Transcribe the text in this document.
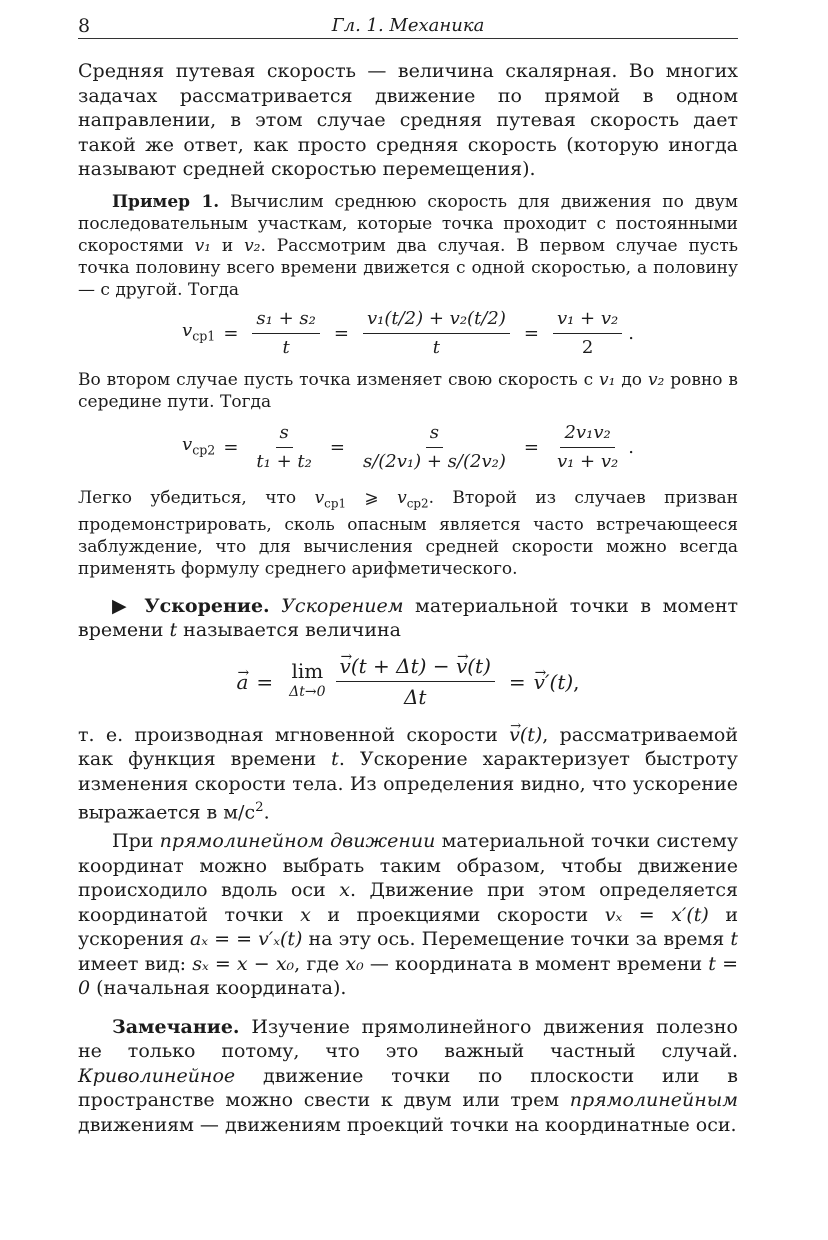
8	Гл. 1. Механика

Средняя путевая скорость — величина скалярная. Во многих задачах рассматривается движение по прямой в одном направлении, в этом случае средняя путевая скорость дает такой же ответ, как просто средняя скорость (которую иногда называют средней скоростью перемещения).

Пример 1. Вычислим среднюю скорость для движения по двум последовательным участкам, которые точка проходит с постоянными скоростями v₁ и v₂. Рассмотрим два случая. В первом случае пусть точка половину всего времени движется с одной скоростью, а половину — с другой. Тогда

$v_{ср1} = \frac{\text{s₁ + s₂}}{t} = \frac{\text{v₁(t/2) + v₂(t/2)}}{t} = \frac{\text{v₁ + v₂}}{2}$ .

Во втором случае пусть точка изменяет свою скорость с v₁ до v₂ ровно в середине пути. Тогда

$v_{ср2} = \frac{s}{\text{t₁ + t₂}} = \frac{s}{\text{s/(2v₁) + s/(2v₂)}} = \frac{\text{2v₁v₂}}{\text{v₁ + v₂}}$ .

Легко убедиться, что $v_{ср1}$ ⩾ $v_{ср2}$. Второй из случаев призван продемонстрировать, сколь опасным является часто встречающееся заблуждение, что для вычисления средней скорости можно всегда применять формулу среднего арифметического.

▶ Ускорение. Ускорением материальной точки в момент времени t называется величина

→ a = lim
Δt→0
→ $\frac{v(t + \Delta t) - \to v(t)}{\Delta t}$ =
→ v′(t) ,

т. е. производная мгновенной скорости → v(t), рассматриваемой как функция времени t. Ускорение характеризует быстроту изменения скорости тела. Из определения видно, что ускорение выражается в $м/с^2$.

При прямолинейном движении материальной точки систему координат можно выбрать таким образом, чтобы движение происходило вдоль оси x. Движение при этом определяется координатой точки x и проекциями скорости vₓ = x′(t) и ускорения aₓ = = v′ₓ(t) на эту ось. Перемещение точки за время t имеет вид: sₓ = x − x₀, где x₀ — координата в момент времени t = 0 (начальная координата).

Замечание. Изучение прямолинейного движения полезно не только потому, что это важный частный случай. Криволинейное движение точки по плоскости или в пространстве можно свести к двум или трем прямолинейным движениям — движениям проекций точки на координатные оси.
